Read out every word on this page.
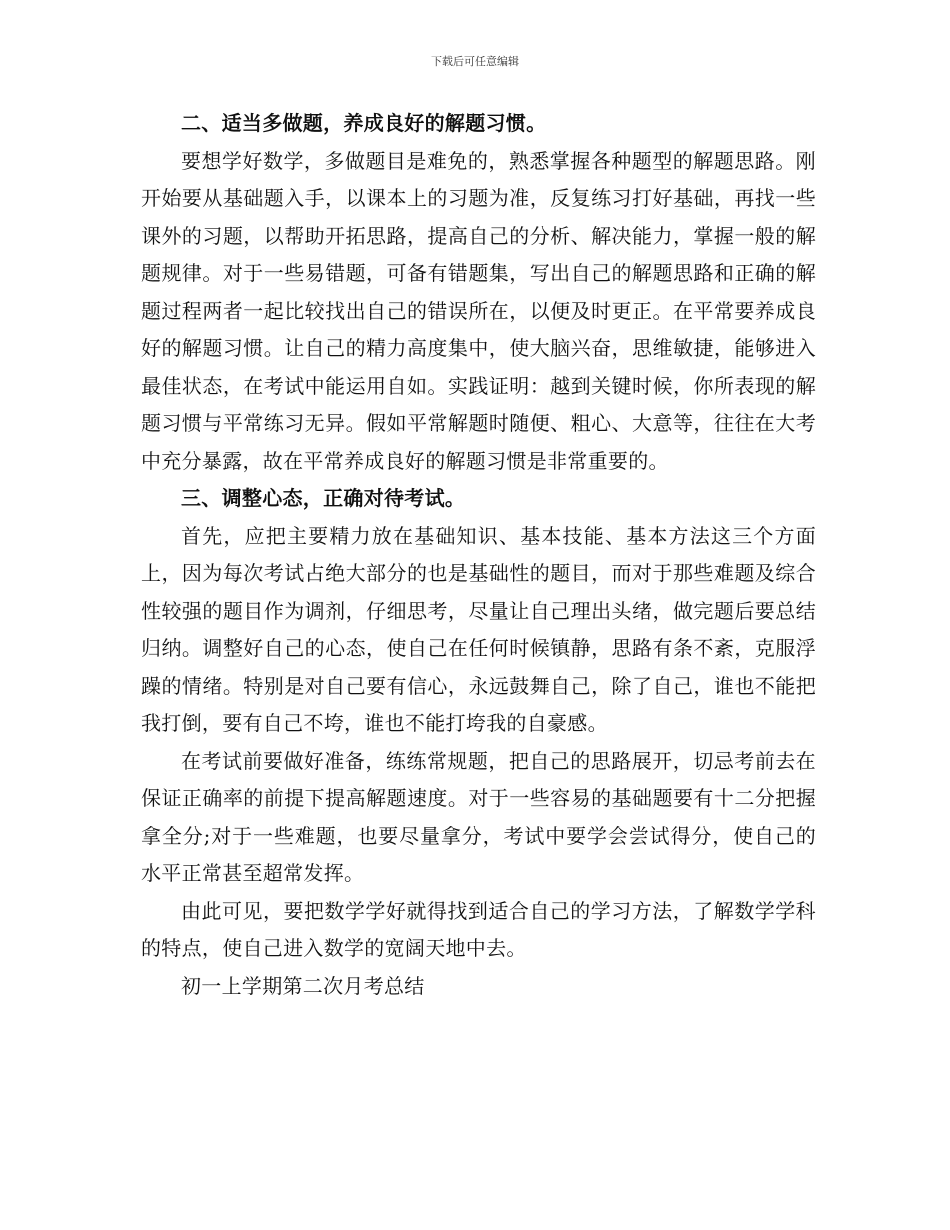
下载后可任意编辑

二、适当多做题，养成良好的解题习惯。

要想学好数学，多做题目是难免的，熟悉掌握各种题型的解题思路。刚开始要从基础题入手，以课本上的习题为准，反复练习打好基础，再找一些课外的习题，以帮助开拓思路，提高自己的分析、解决能力，掌握一般的解题规律。对于一些易错题，可备有错题集，写出自己的解题思路和正确的解题过程两者一起比较找出自己的错误所在，以便及时更正。在平常要养成良好的解题习惯。让自己的精力高度集中，使大脑兴奋，思维敏捷，能够进入最佳状态，在考试中能运用自如。实践证明：越到关键时候，你所表现的解题习惯与平常练习无异。假如平常解题时随便、粗心、大意等，往往在大考中充分暴露，故在平常养成良好的解题习惯是非常重要的。

三、调整心态，正确对待考试。

首先，应把主要精力放在基础知识、基本技能、基本方法这三个方面上，因为每次考试占绝大部分的也是基础性的题目，而对于那些难题及综合性较强的题目作为调剂，仔细思考，尽量让自己理出头绪，做完题后要总结归纳。调整好自己的心态，使自己在任何时候镇静，思路有条不紊，克服浮躁的情绪。特别是对自己要有信心，永远鼓舞自己，除了自己，谁也不能把我打倒，要有自己不垮，谁也不能打垮我的自豪感。

在考试前要做好准备，练练常规题，把自己的思路展开，切忌考前去在保证正确率的前提下提高解题速度。对于一些容易的基础题要有十二分把握拿全分;对于一些难题，也要尽量拿分，考试中要学会尝试得分，使自己的水平正常甚至超常发挥。

由此可见，要把数学学好就得找到适合自己的学习方法，了解数学学科的特点，使自己进入数学的宽阔天地中去。

初一上学期第二次月考总结
